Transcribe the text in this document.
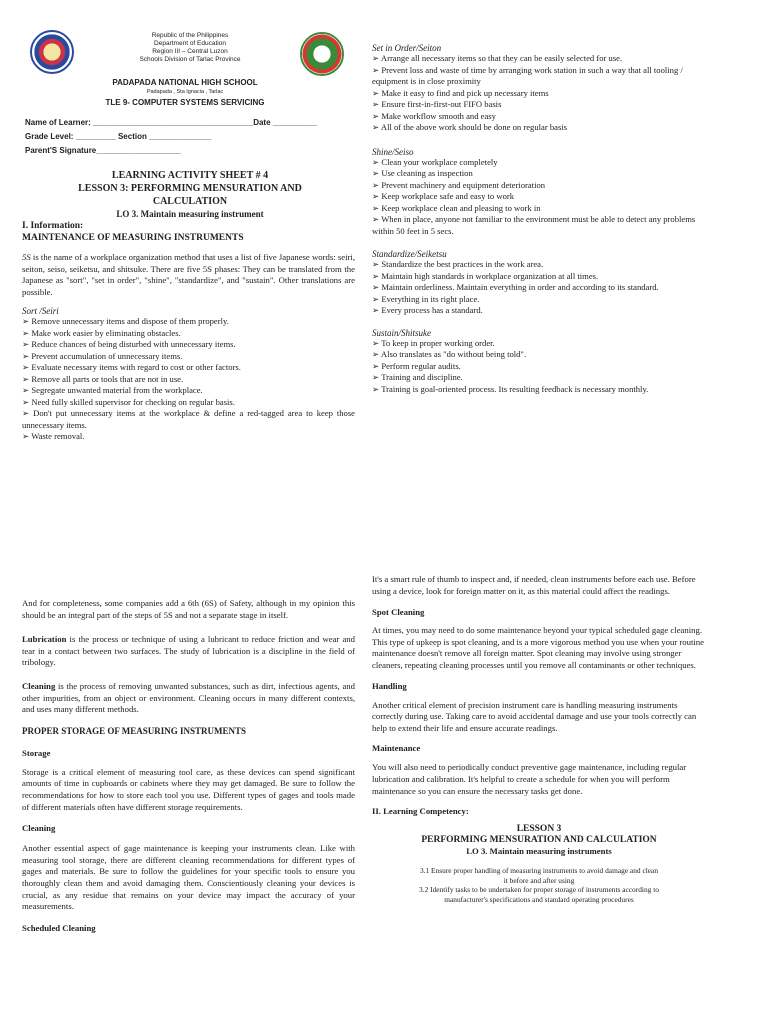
Republic of the Philippines
Department of Education
Region III – Central Luzon
Schools Division of Tarlac Province
PADAPADA NATIONAL HIGH SCHOOL
Padapada , Sta Ignacia , Tarlac
TLE 9- COMPUTER SYSTEMS SERVICING
Name of Learner: ____________________________________Date __________
Grade Level: _________ Section ______________
Parent'S Signature___________________
LEARNING ACTIVITY SHEET # 4
LESSON 3: PERFORMING MENSURATION AND
CALCULATION
LO 3. Maintain measuring instrument
I. Information:
MAINTENANCE OF MEASURING INSTRUMENTS
5S is the name of a workplace organization method that uses a list of five Japanese words: seiri, seiton, seiso, seiketsu, and shitsuke. There are five 5S phases: They can be translated from the Japanese as "sort", "set in order", "shine", "standardize", and "sustain". Other translations are possible.
Sort /Seiri
➢ Remove unnecessary items and dispose of them properly.
➢ Make work easier by eliminating obstacles.
➢ Reduce chances of being disturbed with unnecessary items.
➢ Prevent accumulation of unnecessary items.
➢ Evaluate necessary items with regard to cost or other factors.
➢ Remove all parts or tools that are not in use.
➢ Segregate unwanted material from the workplace.
➢ Need fully skilled supervisor for checking on regular basis.
➢ Don't put unnecessary items at the workplace & define a red-tagged area to keep those unnecessary items.
➢ Waste removal.
Set in Order/Seiton
➢ Arrange all necessary items so that they can be easily selected for use.
➢ Prevent loss and waste of time by arranging work station in such a way that all tooling / equipment is in close proximity
➢ Make it easy to find and pick up necessary items
➢ Ensure first-in-first-out FIFO basis
➢ Make workflow smooth and easy
➢ All of the above work should be done on regular basis
Shine/Seiso
➢ Clean your workplace completely
➢ Use cleaning as inspection
➢ Prevent machinery and equipment deterioration
➢ Keep workplace safe and easy to work
➢ Keep workplace clean and pleasing to work in
➢ When in place, anyone not familiar to the environment must be able to detect any problems within 50 feet in 5 secs.
Standardize/Seiketsu
➢ Standardize the best practices in the work area.
➢ Maintain high standards in workplace organization at all times.
➢ Maintain orderliness. Maintain everything in order and according to its standard.
➢ Everything in its right place.
➢ Every process has a standard.
Sustain/Shitsuke
➢ To keep in proper working order.
➢ Also translates as "do without being told".
➢ Perform regular audits.
➢ Training and discipline.
➢ Training is goal-oriented process. Its resulting feedback is necessary monthly.
And for completeness, some companies add a 6th (6S) of Safety, although in my opinion this should be an integral part of the steps of 5S and not a separate stage in itself.
Lubrication is the process or technique of using a lubricant to reduce friction and wear and tear in a contact between two surfaces. The study of lubrication is a discipline in the field of tribology.
Cleaning is the process of removing unwanted substances, such as dirt, infectious agents, and other impurities, from an object or environment. Cleaning occurs in many different contexts, and uses many different methods.
PROPER STORAGE OF MEASURING INSTRUMENTS
Storage
Storage is a critical element of measuring tool care, as these devices can spend significant amounts of time in cupboards or cabinets where they may get damaged. Be sure to follow the recommendations for how to store each tool you use. Different types of gages and tools made of different materials often have different storage requirements.
Cleaning
Another essential aspect of gage maintenance is keeping your instruments clean. Like with measuring tool storage, there are different cleaning recommendations for different types of gages and materials. Be sure to follow the guidelines for your specific tools to ensure you thoroughly clean them and avoid damaging them. Conscientiously cleaning your devices is crucial, as any residue that remains on your device may impact the accuracy of your measurements.
Scheduled Cleaning
It's a smart rule of thumb to inspect and, if needed, clean instruments before each use. Before using a device, look for foreign matter on it, as this material could affect the readings.
Spot Cleaning
At times, you may need to do some maintenance beyond your typical scheduled gage cleaning. This type of upkeep is spot cleaning, and is a more vigorous method you use when your routine maintenance doesn't remove all foreign matter. Spot cleaning may involve using stronger cleaners, repeating cleaning processes until you remove all contaminants or other techniques.
Handling
Another critical element of precision instrument care is handling measuring instruments correctly during use. Taking care to avoid accidental damage and use your tools correctly can help to extend their life and ensure accurate readings.
Maintenance
You will also need to periodically conduct preventive gage maintenance, including regular lubrication and calibration. It's helpful to create a schedule for when you will perform maintenance so you can ensure the necessary tasks get done.
II. Learning Competency:
LESSON 3
PERFORMING MENSURATION AND CALCULATION
LO 3. Maintain measuring instruments
3.1 Ensure proper handling of measuring instruments to avoid damage and clean
it before and after using
3.2 Identify tasks to be undertaken for proper storage of instruments according to
manufacturer's specifications and standard operating procedures
